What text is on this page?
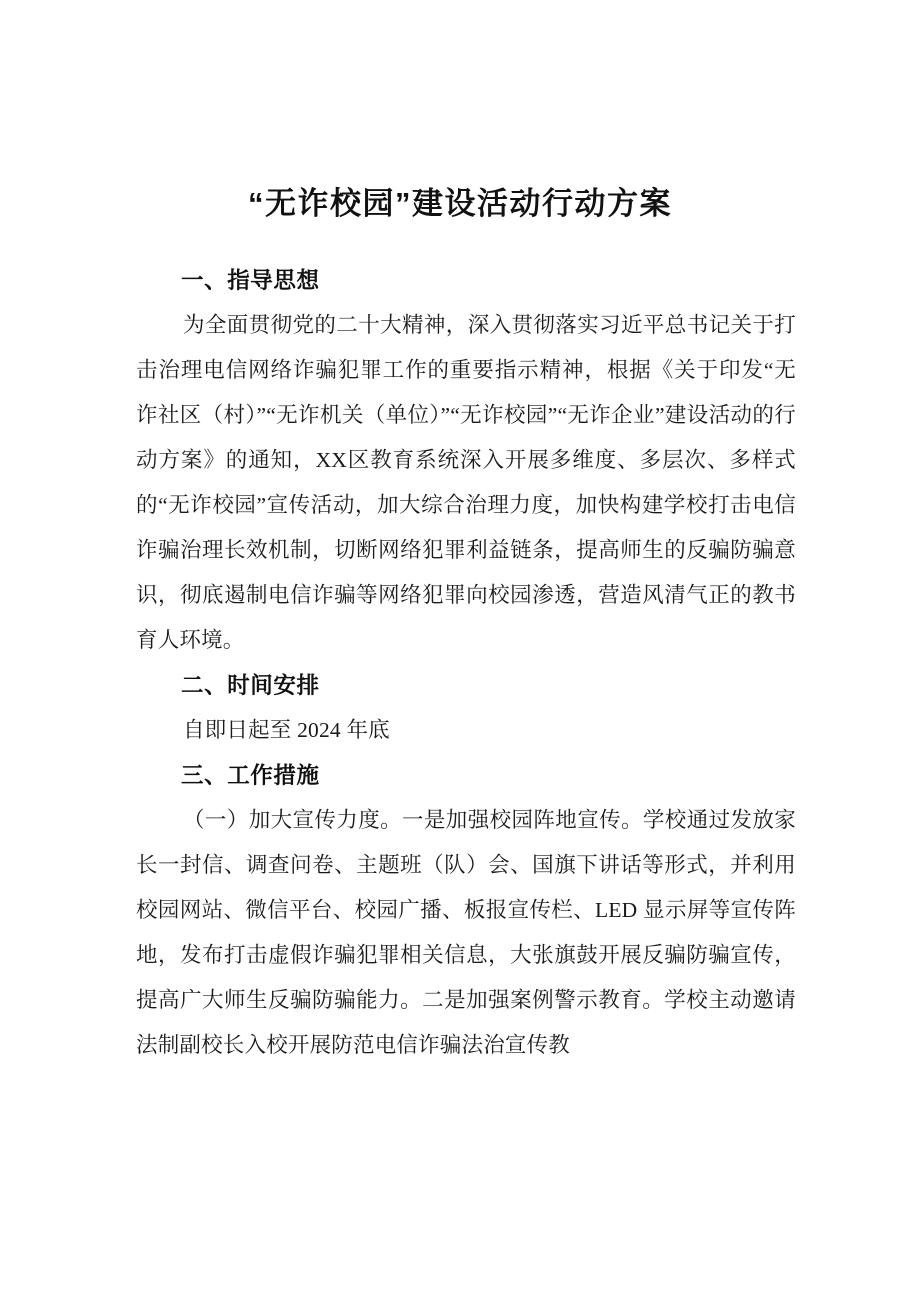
“无诈校园”建设活动行动方案
一、指导思想

为全面贯彻党的二十大精神，深入贯彻落实习近平总书记关于打击治理电信网络诈骗犯罪工作的重要指示精神，根据《关于印发“无诈社区（村）”“无诈机关（单位）”“无诈校园”“无诈企业”建设活动的行动方案》的通知，XX区教育系统深入开展多维度、多层次、多样式的“无诈校园”宣传活动，加大综合治理力度，加快构建学校打击电信诈骗治理长效机制，切断网络犯罪利益链条，提高师生的反骗防骗意识，彻底遏制电信诈骗等网络犯罪向校园渗透，营造风清气正的教书育人环境。

二、时间安排

自即日起至 2024 年底

三、工作措施

（一）加大宣传力度。一是加强校园阵地宣传。学校通过发放家长一封信、调查问卷、主题班（队）会、国旗下讲话等形式，并利用校园网站、微信平台、校园广播、板报宣传栏、LED 显示屏等宣传阵地，发布打击虚假诈骗犯罪相关信息，大张旗鼓开展反骗防骗宣传，提高广大师生反骗防骗能力。二是加强案例警示教育。学校主动邀请法制副校长入校开展防范电信诈骗法治宣传教
